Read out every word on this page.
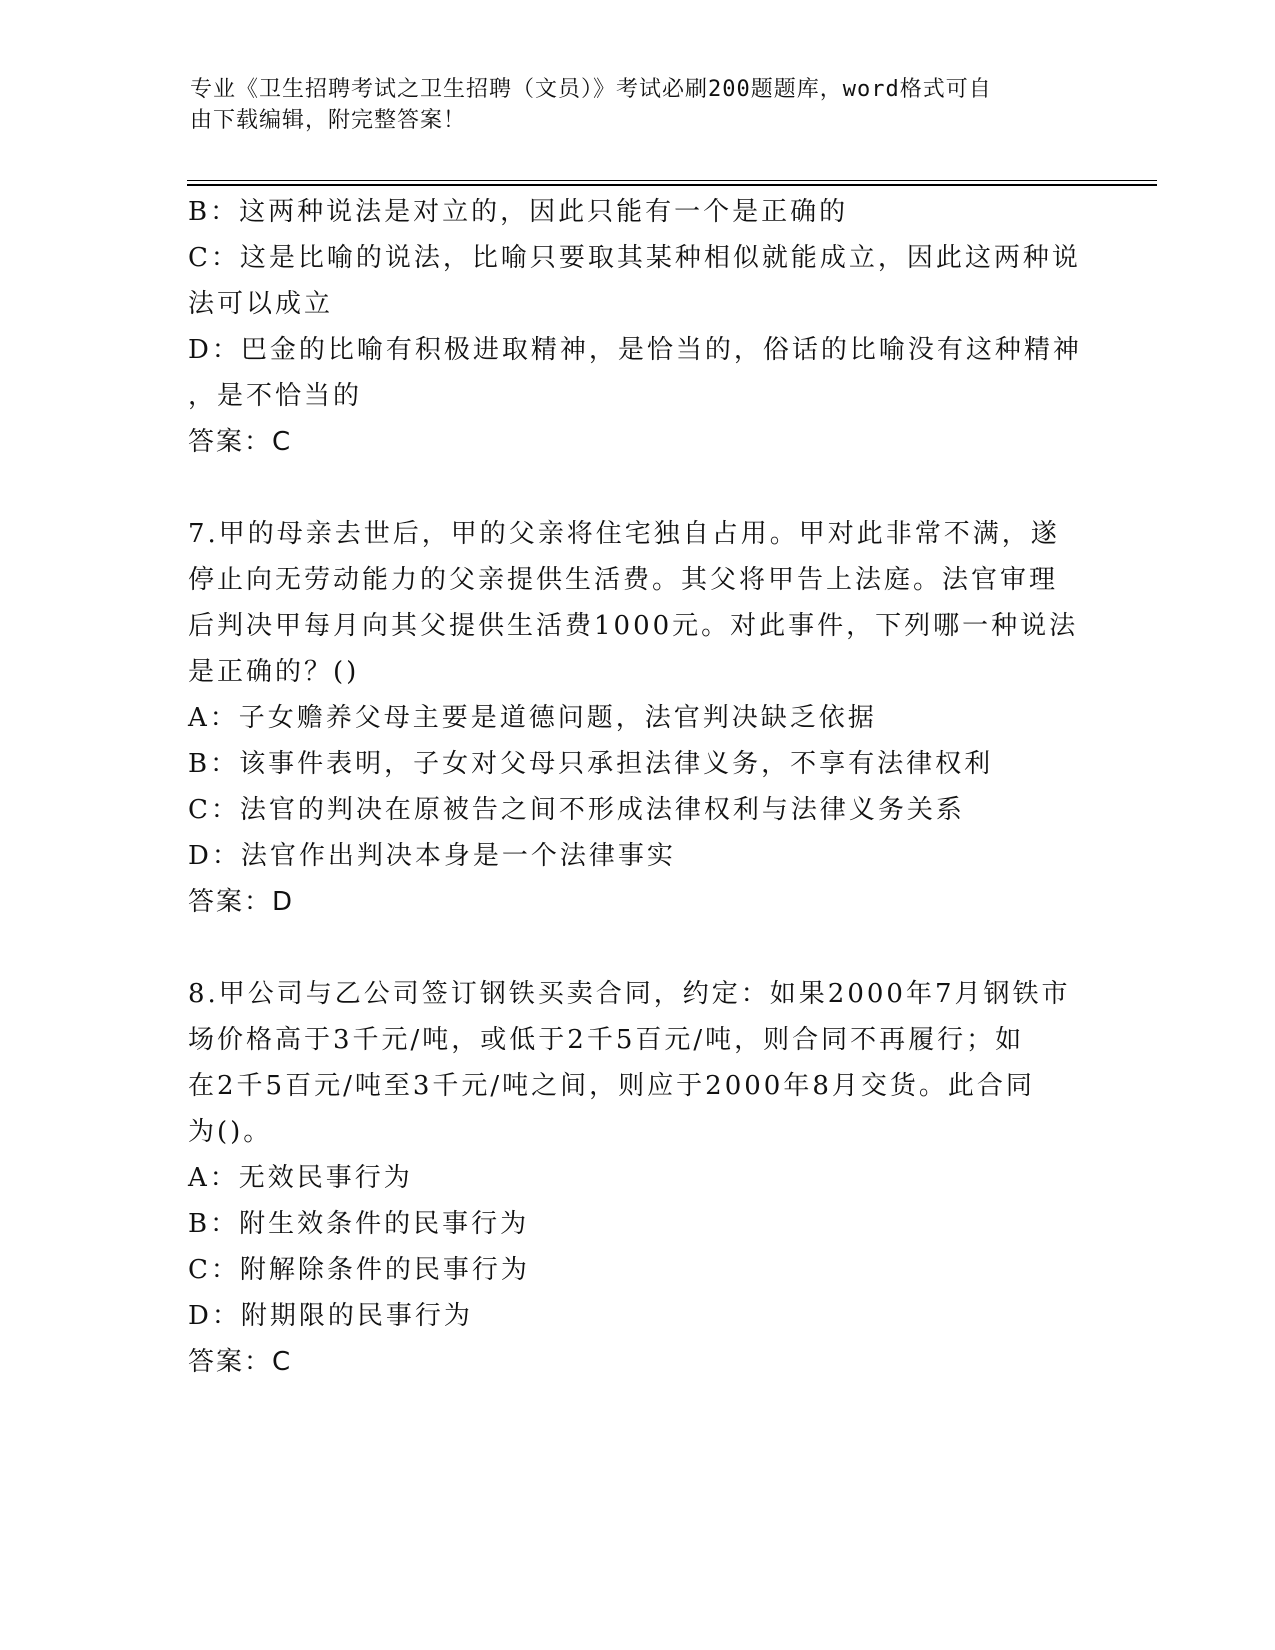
专业《卫生招聘考试之卫生招聘（文员）》考试必刷200题题库，word格式可自
由下载编辑，附完整答案！
B：这两种说法是对立的，因此只能有一个是正确的
C：这是比喻的说法，比喻只要取其某种相似就能成立，因此这两种说
法可以成立
D：巴金的比喻有积极进取精神，是恰当的，俗话的比喻没有这种精神
，是不恰当的
答案：C
7.甲的母亲去世后，甲的父亲将住宅独自占用。甲对此非常不满，遂
停止向无劳动能力的父亲提供生活费。其父将甲告上法庭。法官审理
后判决甲每月向其父提供生活费1000元。对此事件，下列哪一种说法
是正确的？()
A：子女赡养父母主要是道德问题，法官判决缺乏依据
B：该事件表明，子女对父母只承担法律义务，不享有法律权利
C：法官的判决在原被告之间不形成法律权利与法律义务关系
D：法官作出判决本身是一个法律事实
答案：D
8.甲公司与乙公司签订钢铁买卖合同，约定：如果2000年7月钢铁市
场价格高于3千元/吨，或低于2千5百元/吨，则合同不再履行；如
在2千5百元/吨至3千元/吨之间，则应于2000年8月交货。此合同
为()。
A：无效民事行为
B：附生效条件的民事行为
C：附解除条件的民事行为
D：附期限的民事行为
答案：C
